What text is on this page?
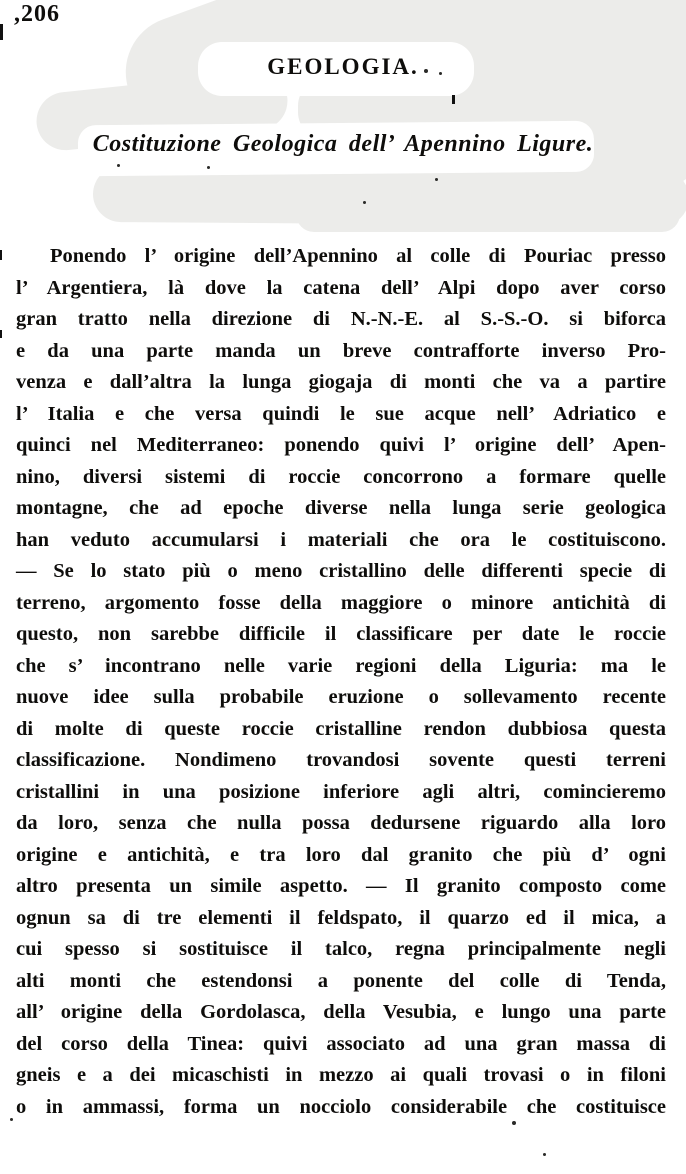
,206
GEOLOGIA.
Costituzione Geologica dell’ Apennino Ligure.
Ponendo l’ origine dell’Apennino al colle di Pouriac presso
l’ Argentiera, là dove la catena dell’ Alpi dopo aver corso
gran tratto nella direzione di N.-N.-E. al S.-S.-O. si biforca
e da una parte manda un breve contrafforte inverso Pro-
venza e dall’altra la lunga giogaja di monti che va a partire
l’ Italia e che versa quindi le sue acque nell’ Adriatico e
quinci nel Mediterraneo: ponendo quivi l’ origine dell’ Apen-
nino, diversi sistemi di roccie concorrono a formare quelle
montagne, che ad epoche diverse nella lunga serie geologica
han veduto accumularsi i materiali che ora le costituiscono.
— Se lo stato più o meno cristallino delle differenti specie di
terreno, argomento fosse della maggiore o minore antichità di
questo, non sarebbe difficile il classificare per date le roccie
che s’ incontrano nelle varie regioni della Liguria: ma le
nuove idee sulla probabile eruzione o sollevamento recente
di molte di queste roccie cristalline rendon dubbiosa questa
classificazione. Nondimeno trovandosi sovente questi terreni
cristallini in una posizione inferiore agli altri, comincieremo
da loro, senza che nulla possa dedursene riguardo alla loro
origine e antichità, e tra loro dal granito che più d’ ogni
altro presenta un simile aspetto. — Il granito composto come
ognun sa di tre elementi il feldspato, il quarzo ed il mica, a
cui spesso si sostituisce il talco, regna principalmente negli
alti monti che estendonsi a ponente del colle di Tenda,
all’ origine della Gordolasca, della Vesubia, e lungo una parte
del corso della Tinea: quivi associato ad una gran massa di
gneis e a dei micaschisti in mezzo ai quali trovasi o in filoni
o in ammassi, forma un nocciolo considerabile che costituisce
